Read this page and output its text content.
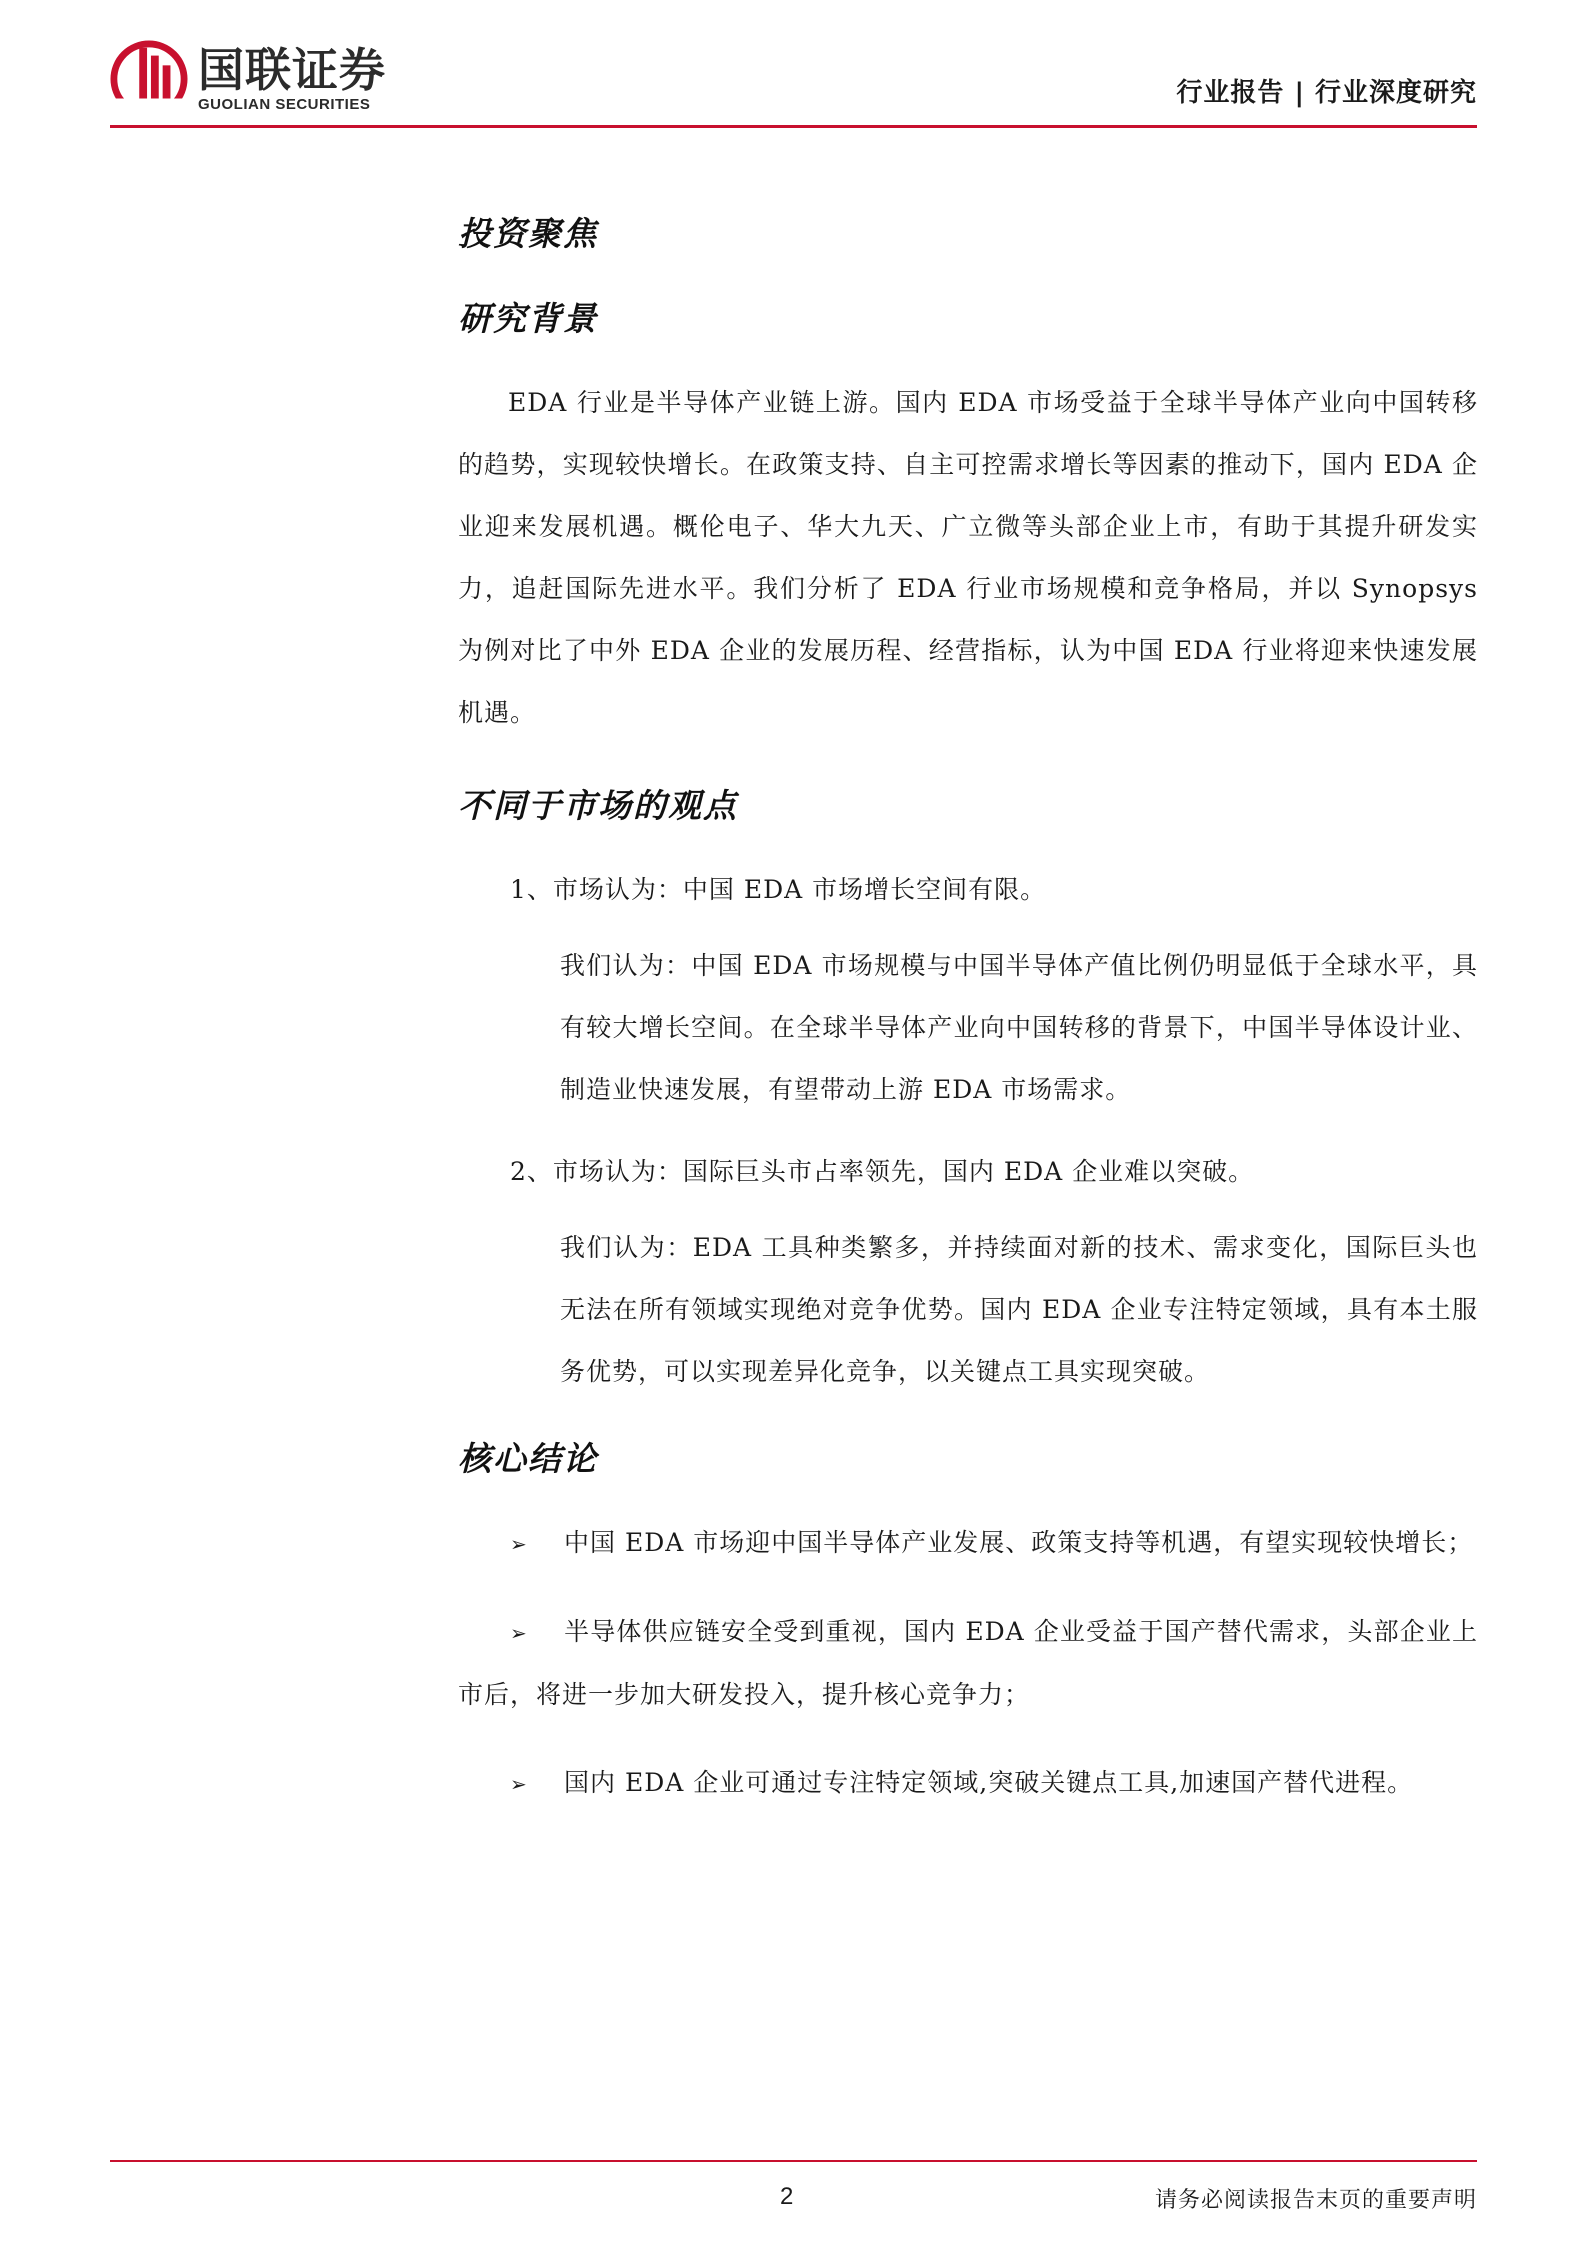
国联证券
GUOLIAN SECURITIES	行业报告 | 行业深度研究
投资聚焦
研究背景

EDA 行业是半导体产业链上游。国内 EDA 市场受益于全球半导体产业向中国转移的趋势，实现较快增长。在政策支持、自主可控需求增长等因素的推动下，国内 EDA 企业迎来发展机遇。概伦电子、华大九天、广立微等头部企业上市，有助于其提升研发实力，追赶国际先进水平。我们分析了 EDA 行业市场规模和竞争格局，并以 Synopsys 为例对比了中外 EDA 企业的发展历程、经营指标，认为中国 EDA 行业将迎来快速发展机遇。

不同于市场的观点

1、市场认为：中国 EDA 市场增长空间有限。

我们认为：中国 EDA 市场规模与中国半导体产值比例仍明显低于全球水平，具有较大增长空间。在全球半导体产业向中国转移的背景下，中国半导体设计业、制造业快速发展，有望带动上游 EDA 市场需求。

2、市场认为：国际巨头市占率领先，国内 EDA 企业难以突破。

我们认为：EDA 工具种类繁多，并持续面对新的技术、需求变化，国际巨头也无法在所有领域实现绝对竞争优势。国内 EDA 企业专注特定领域，具有本土服务优势，可以实现差异化竞争，以关键点工具实现突破。

核心结论

➢ 中国 EDA 市场迎中国半导体产业发展、政策支持等机遇，有望实现较快增长；

➢ 半导体供应链安全受到重视，国内 EDA 企业受益于国产替代需求，头部企业上市后，将进一步加大研发投入，提升核心竞争力；

➢ 国内 EDA 企业可通过专注特定领域,突破关键点工具,加速国产替代进程。

2	请务必阅读报告末页的重要声明
